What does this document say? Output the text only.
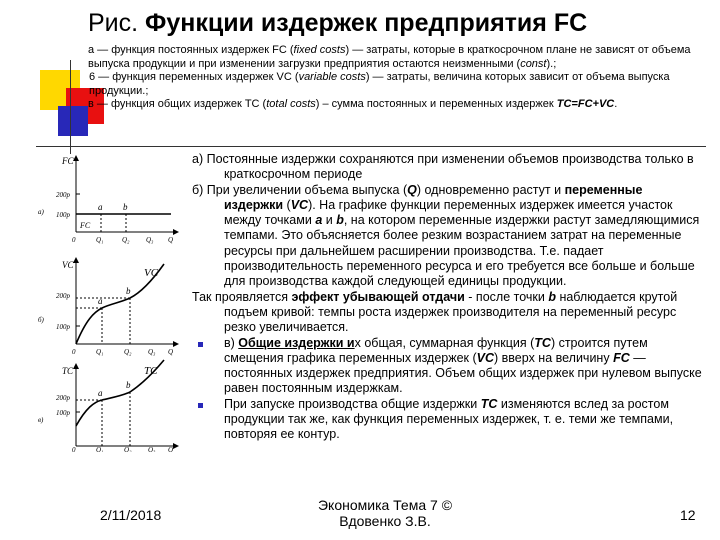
Рис. Функции издержек предприятия FC

а — функция постоянных издержек FC (fixed costs) — затраты, которые в краткосрочном плане не зависят от объема выпуска продукции и при изменении загрузки предприятия остаются неизменными (const).;

6 — функция переменных издержек VC (variable costs) — затраты, величина которых зависит от объема выпуска продукции.;

в — функция общих издержек ТС (total costs) – сумма постоянных и переменных издержек TC=FC+VC.

FC
200р
100р
FC
a b
0	Q₁	Q₂ Q₃ Q
а)
VC
200р
100р
VC
a
b
0	Q₁	Q₂ Q₃ Q
б)
TC
200р
100р
TC
a
b
0	Q₁	Q₂ Q₃ Q
в)

а) Постоянные издержки сохраняются при изменении объемов производства только в краткосрочном периоде

б) При увеличении объема выпуска (Q) одновременно растут и переменные издержки (VC). На графике функции переменных издержек имеется участок между точками a и b, на котором переменные издержки растут замедляющимися темпами. Это объясняется более резким возрастанием затрат на переменные ресурсы при дальнейшем расширении производства. Т.е. падает производительность переменного ресурса и его требуется все больше и больше для производства каждой следующей единицы продукции.

Так проявляется эффект убывающей отдачи - после точки b наблюдается крутой подъем кривой: темпы роста издержек производителя на переменный ресурс резко увеличивается.

в) Общие издержки их общая, суммарная функция (ТС) строится путем смещения графика переменных издержек (VC) вверх на величину FC — постоянных издержек предприятия. Объем общих издержек при нулевом выпуске равен постоянным издержкам.

При запуске производства общие издержки ТС изменяются вслед за ростом продукции так же, как функция переменных издержек, т. е. теми же темпами, повторяя ее контур.

2/11/2018
Экономика Тема 7 © Вдовенко З.В.	12
